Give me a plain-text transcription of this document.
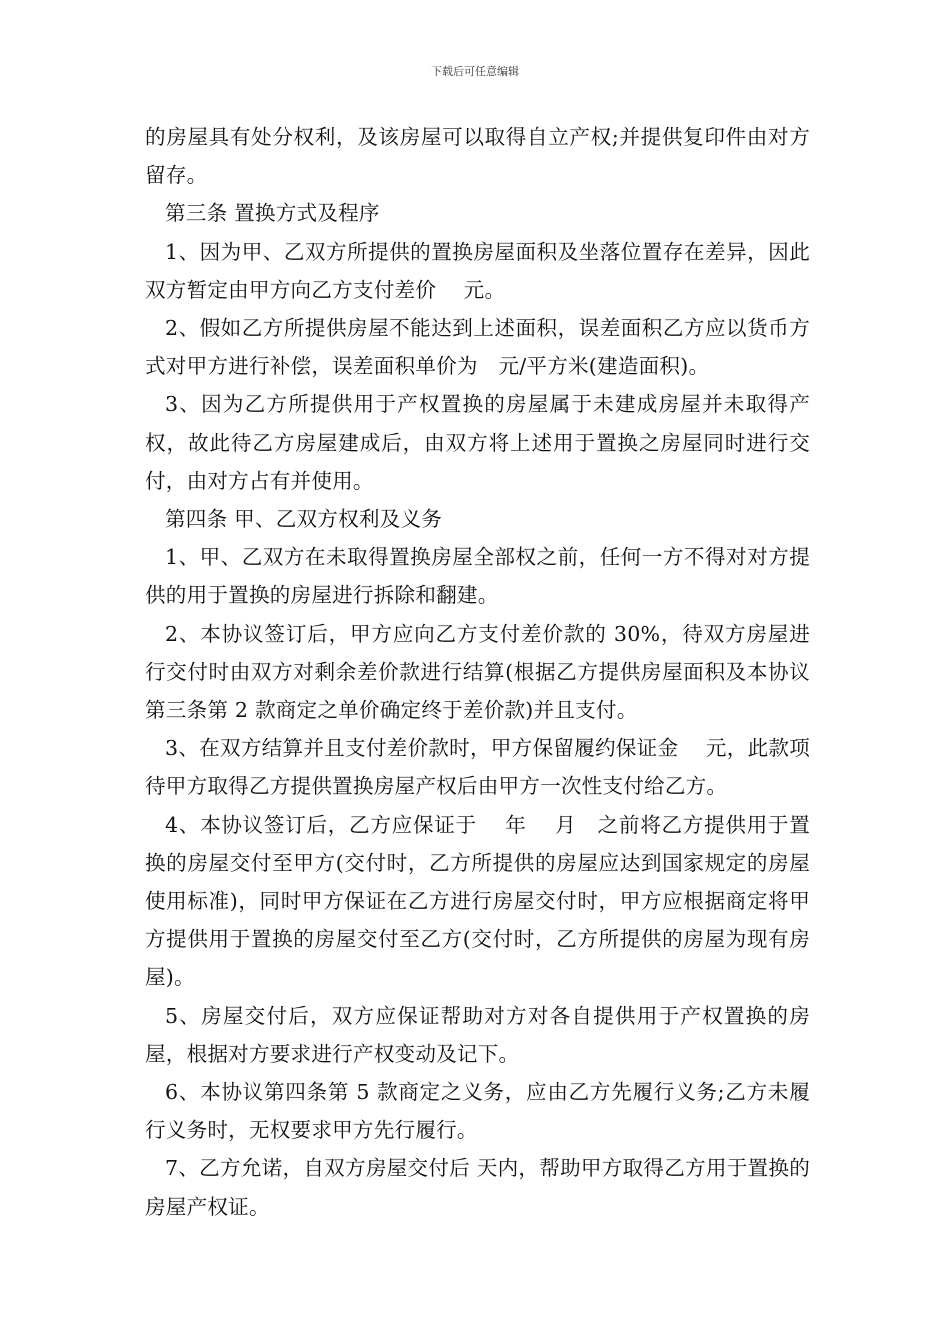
下载后可任意编辑

的房屋具有处分权利，及该房屋可以取得自立产权;并提供复印件由对方留存。

第三条 置换方式及程序

1、因为甲、乙双方所提供的置换房屋面积及坐落位置存在差异，因此双方暂定由甲方向乙方支付差价　 元。

2、假如乙方所提供房屋不能达到上述面积，误差面积乙方应以货币方式对甲方进行补偿，误差面积单价为　元/平方米(建造面积)。

3、因为乙方所提供用于产权置换的房屋属于未建成房屋并未取得产权，故此待乙方房屋建成后，由双方将上述用于置换之房屋同时进行交付，由对方占有并使用。

第四条 甲、乙双方权利及义务

1、甲、乙双方在未取得置换房屋全部权之前，任何一方不得对对方提供的用于置换的房屋进行拆除和翻建。

2、本协议签订后，甲方应向乙方支付差价款的 30%，待双方房屋进行交付时由双方对剩余差价款进行结算(根据乙方提供房屋面积及本协议第三条第 2 款商定之单价确定终于差价款)并且支付。

3、在双方结算并且支付差价款时，甲方保留履约保证金　 元，此款项待甲方取得乙方提供置换房屋产权后由甲方一次性支付给乙方。

4、本协议签订后，乙方应保证于　 年　 月　之前将乙方提供用于置换的房屋交付至甲方(交付时，乙方所提供的房屋应达到国家规定的房屋使用标准)，同时甲方保证在乙方进行房屋交付时，甲方应根据商定将甲方提供用于置换的房屋交付至乙方(交付时，乙方所提供的房屋为现有房屋)。

5、房屋交付后，双方应保证帮助对方对各自提供用于产权置换的房屋，根据对方要求进行产权变动及记下。

6、本协议第四条第 5 款商定之义务，应由乙方先履行义务;乙方未履行义务时，无权要求甲方先行履行。

7、乙方允诺，自双方房屋交付后 天内，帮助甲方取得乙方用于置换的房屋产权证。
